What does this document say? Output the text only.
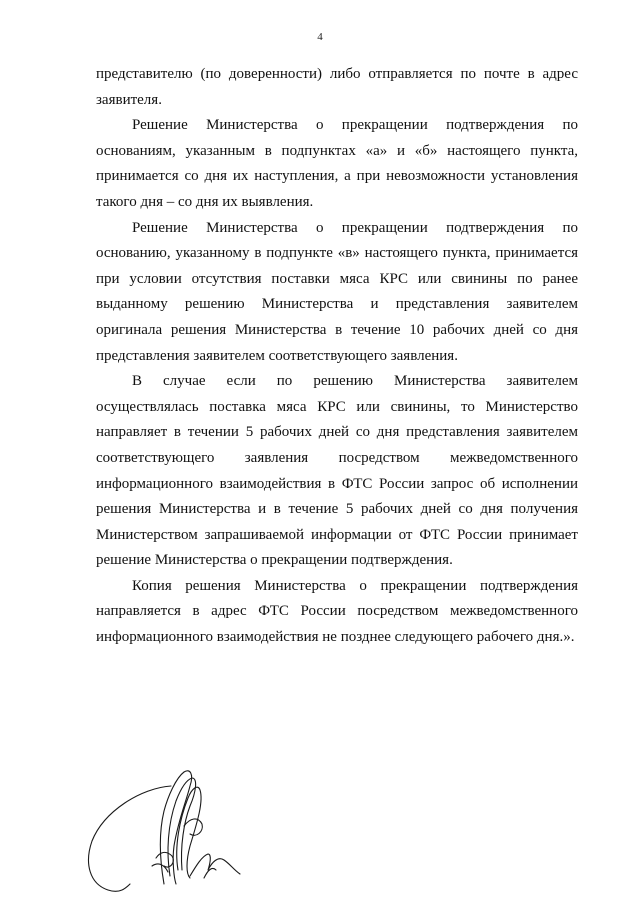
4

представителю (по доверенности) либо отправляется по почте в адрес заявителя.

Решение Министерства о прекращении подтверждения по основаниям, указанным в подпунктах «а» и «б» настоящего пункта, принимается со дня их наступления, а при невозможности установления такого дня – со дня их выявления.

Решение Министерства о прекращении подтверждения по основанию, указанному в подпункте «в» настоящего пункта, принимается при условии отсутствия поставки мяса КРС или свинины по ранее выданному решению Министерства и представления заявителем оригинала решения Министерства в течение 10 рабочих дней со дня представления заявителем соответствующего заявления.

В случае если по решению Министерства заявителем осуществлялась поставка мяса КРС или свинины, то Министерство направляет в течении 5 рабочих дней со дня представления заявителем соответствующего заявления посредством межведомственного информационного взаимодействия в ФТС России запрос об исполнении решения Министерства и в течение 5 рабочих дней со дня получения Министерством запрашиваемой информации от ФТС России принимает решение Министерства о прекращении подтверждения.

Копия решения Министерства о прекращении подтверждения направляется в адрес ФТС России посредством межведомственного информационного взаимодействия не позднее следующего рабочего дня.».
